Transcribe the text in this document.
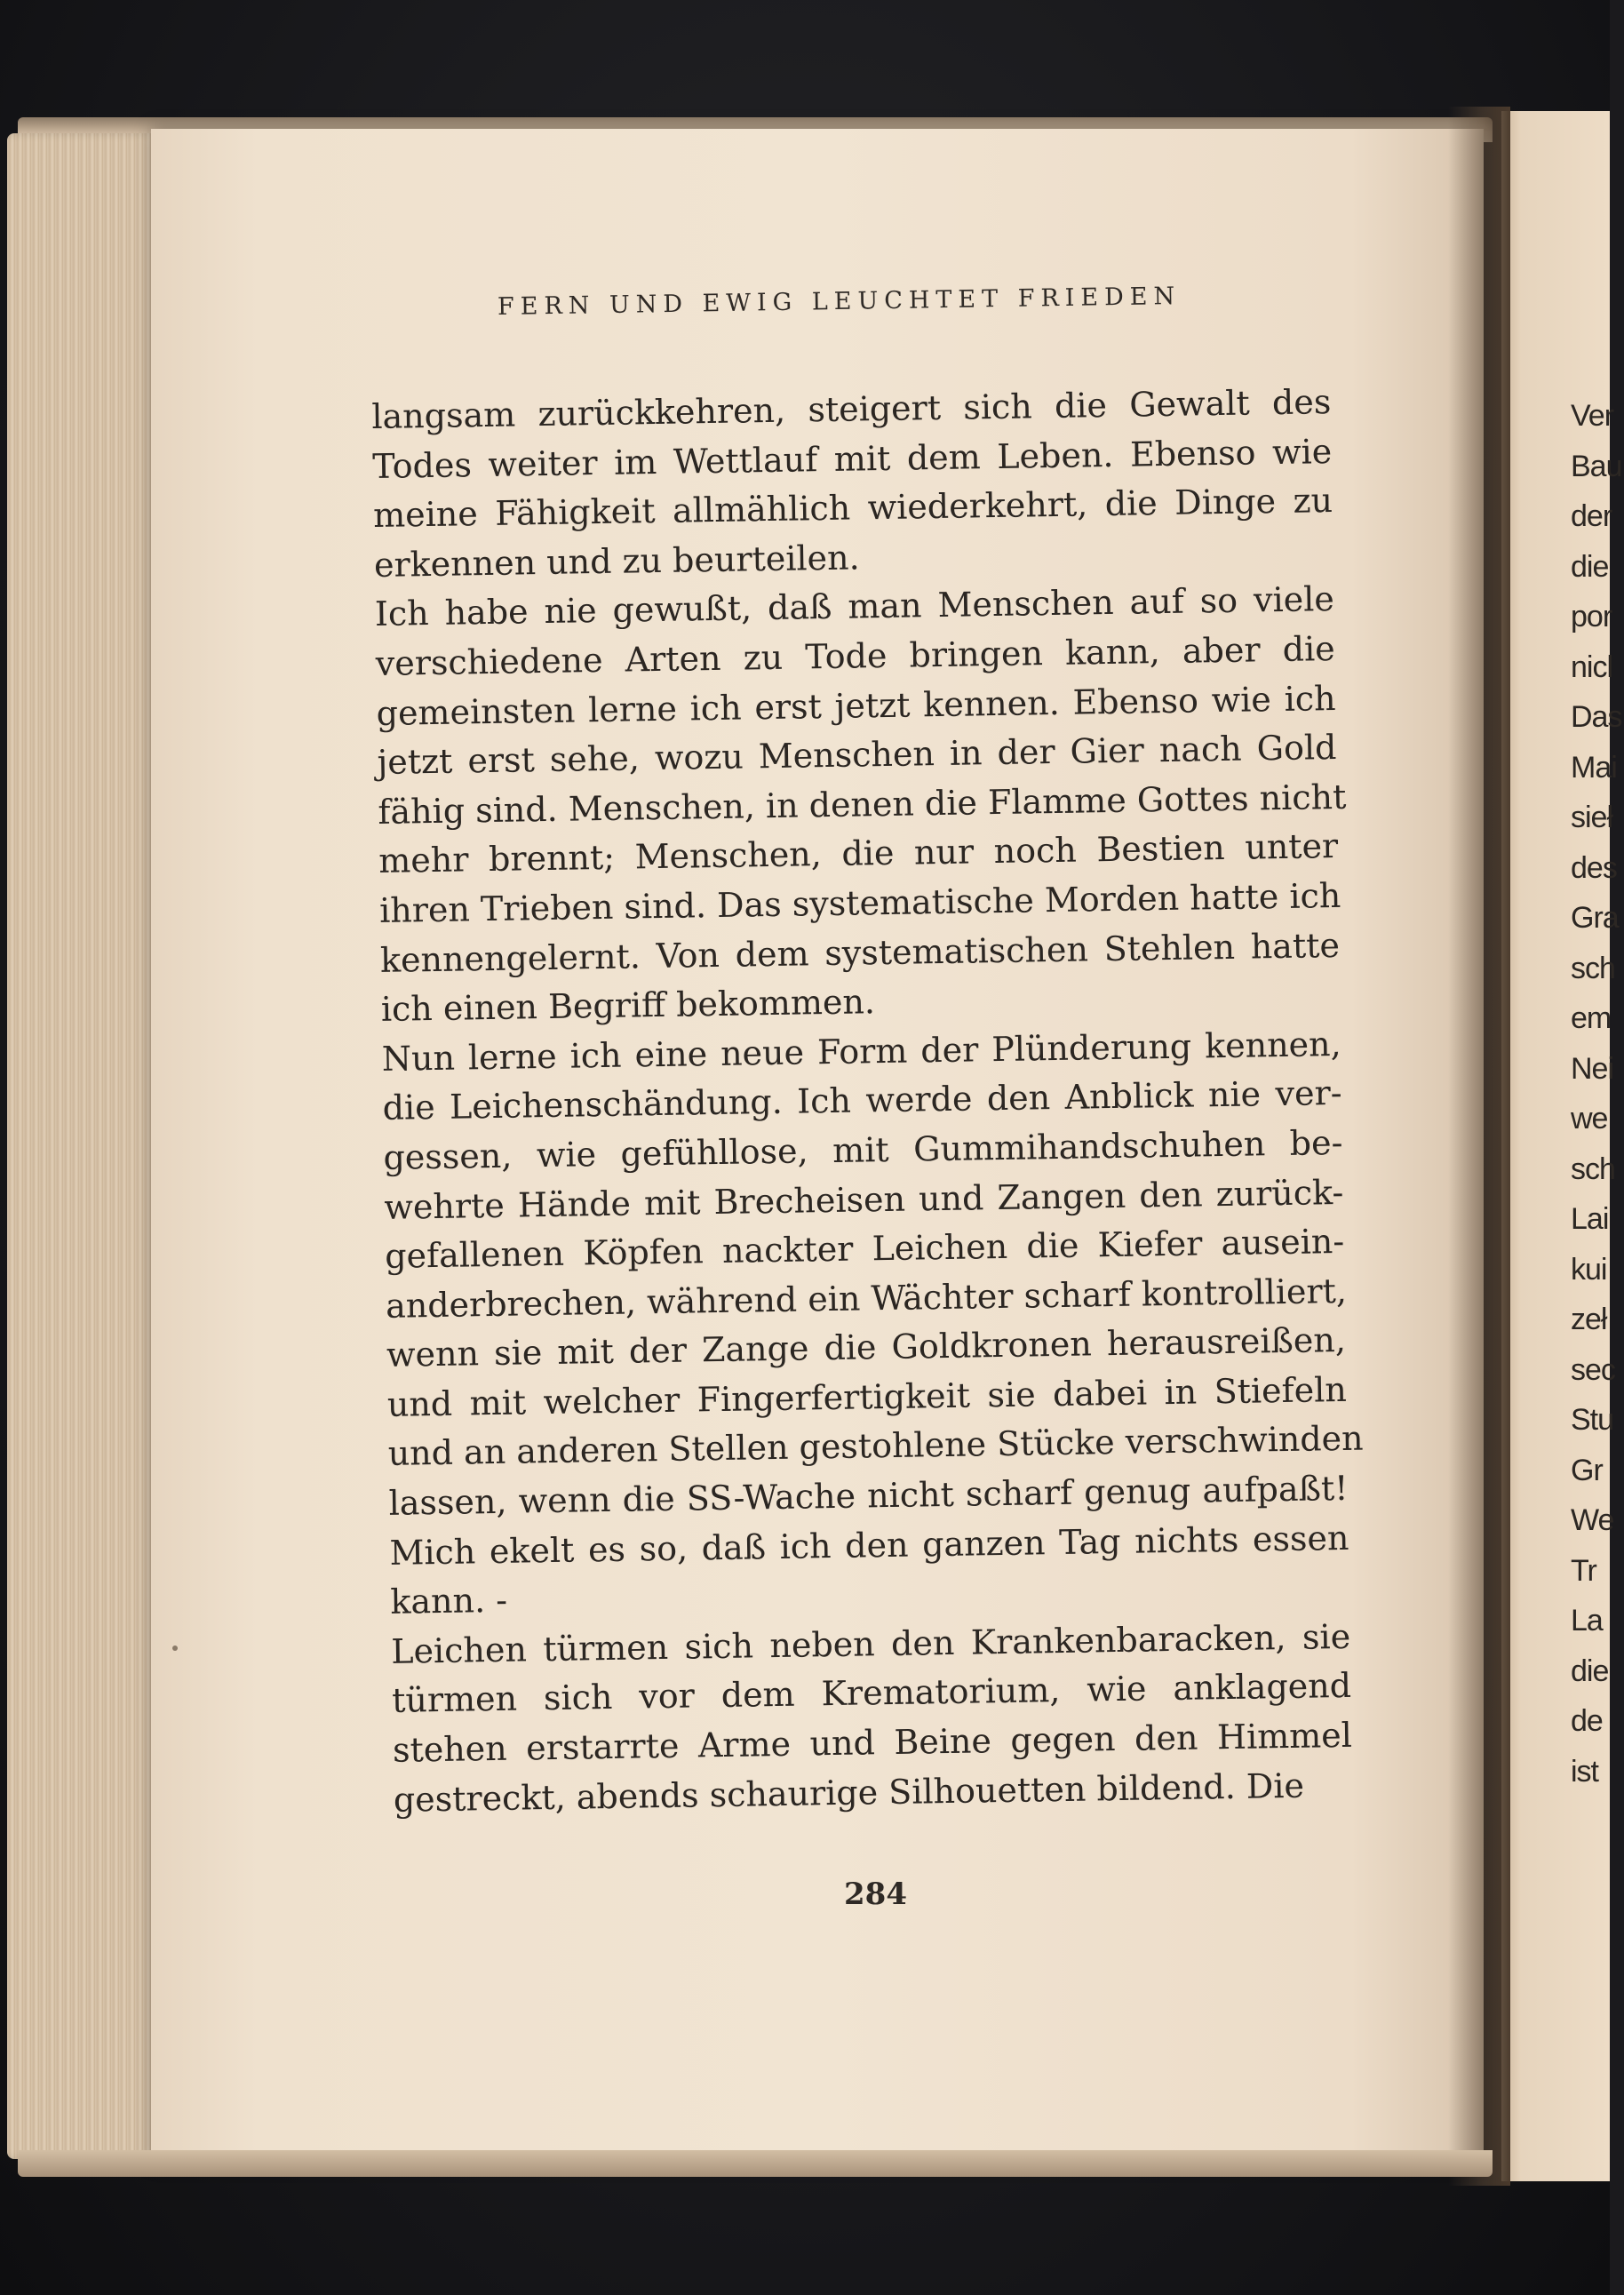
FERN UND EWIG LEUCHTET FRIEDEN
langsam zurückkehren, steigert sich die Gewalt des
Todes weiter im Wettlauf mit dem Leben. Ebenso wie
meine Fähigkeit allmählich wiederkehrt, die Dinge zu
erkennen und zu beurteilen.
Ich habe nie gewußt, daß man Menschen auf so viele
verschiedene Arten zu Tode bringen kann, aber die
gemeinsten lerne ich erst jetzt kennen. Ebenso wie ich
jetzt erst sehe, wozu Menschen in der Gier nach Gold
fähig sind. Menschen, in denen die Flamme Gottes nicht
mehr brennt; Menschen, die nur noch Bestien unter
ihren Trieben sind. Das systematische Morden hatte ich
kennengelernt. Von dem systematischen Stehlen hatte
ich einen Begriff bekommen.
Nun lerne ich eine neue Form der Plünderung kennen,
die Leichenschändung. Ich werde den Anblick nie ver-
gessen, wie gefühllose, mit Gummihandschuhen be-
wehrte Hände mit Brecheisen und Zangen den zurück-
gefallenen Köpfen nackter Leichen die Kiefer ausein-
anderbrechen, während ein Wächter scharf kontrolliert,
wenn sie mit der Zange die Goldkronen herausreißen,
und mit welcher Fingerfertigkeit sie dabei in Stiefeln
und an anderen Stellen gestohlene Stücke verschwinden
lassen, wenn die SS-Wache nicht scharf genug aufpaßt!
Mich ekelt es so, daß ich den ganzen Tag nichts essen
kann. -
Leichen türmen sich neben den Krankenbaracken, sie
türmen sich vor dem Krematorium, wie anklagend
stehen erstarrte Arme und Beine gegen den Himmel
gestreckt, abends schaurige Silhouetten bildend. Die
284
Ver
Bau
der
die
por
nicl
Das
Mai
sieł
des
Gra
sch
em
Nei
we
sch
Lai
kui
zeł
sec
Stu
Gr
We
Tr
La
die
de
ist
